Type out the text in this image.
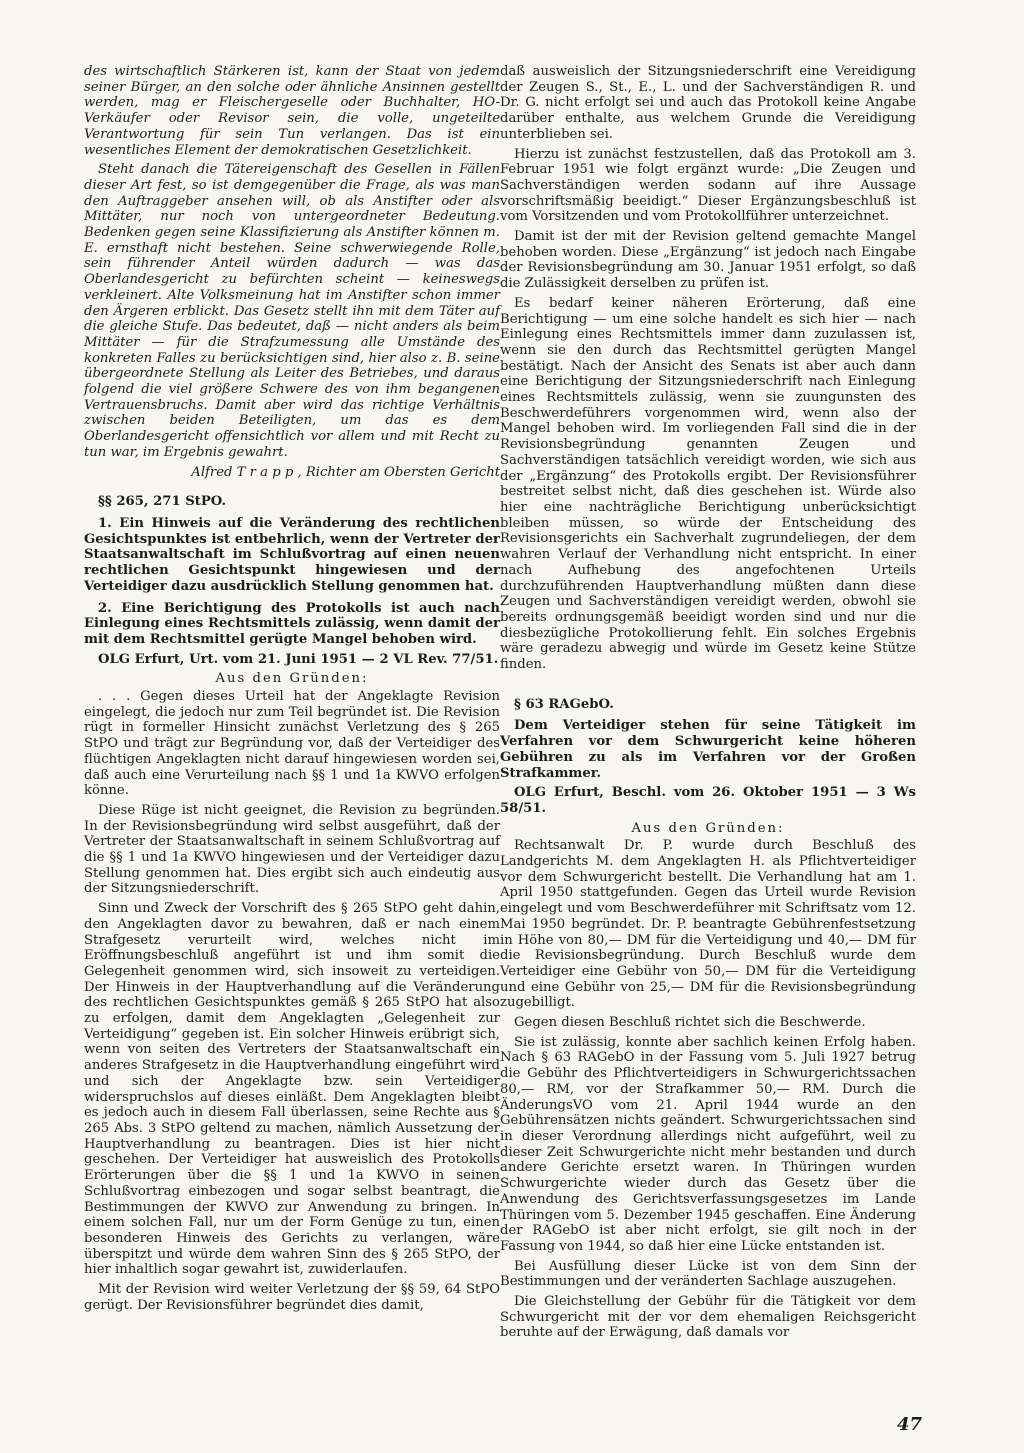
des wirtschaftlich Stärkeren ist, kann der Staat von jedem seiner Bürger, an den solche oder ähnliche Ansinnen gestellt werden, mag er Fleischergeselle oder Buchhalter, HO-Verkäufer oder Revisor sein, die volle, ungeteilte Verantwortung für sein Tun verlangen. Das ist ein wesentliches Element der demokratischen Gesetzlichkeit.

Steht danach die Tätereigenschaft des Gesellen in Fällen dieser Art fest, so ist demgegenüber die Frage, als was man den Auftraggeber ansehen will, ob als Anstifter oder als Mittäter, nur noch von untergeordneter Bedeutung. Bedenken gegen seine Klassifizierung als Anstifter können m. E. ernsthaft nicht bestehen. Seine schwerwiegende Rolle, sein führender Anteil würden dadurch — was das Oberlandesgericht zu befürchten scheint — keineswegs verkleinert. Alte Volksmeinung hat im Anstifter schon immer den Ärgeren erblickt. Das Gesetz stellt ihn mit dem Täter auf die gleiche Stufe. Das bedeutet, daß — nicht anders als beim Mittäter — für die Strafzumessung alle Umstände des konkreten Falles zu berücksichtigen sind, hier also z. B. seine übergeordnete Stellung als Leiter des Betriebes, und daraus folgend die viel größere Schwere des von ihm begangenen Vertrauensbruchs. Damit aber wird das richtige Verhältnis zwischen beiden Beteiligten, um das es dem Oberlandesgericht offensichtlich vor allem und mit Recht zu tun war, im Ergebnis gewahrt.

Alfred T r a p p , Richter am Obersten Gericht

§§ 265, 271 StPO.

1. Ein Hinweis auf die Veränderung des rechtlichen Gesichtspunktes ist entbehrlich, wenn der Vertreter der Staatsanwaltschaft im Schlußvortrag auf einen neuen rechtlichen Gesichtspunkt hingewiesen und der Verteidiger dazu ausdrücklich Stellung genommen hat.

2. Eine Berichtigung des Protokolls ist auch nach Einlegung eines Rechtsmittels zulässig, wenn damit der mit dem Rechtsmittel gerügte Mangel behoben wird.

OLG Erfurt, Urt. vom 21. Juni 1951 — 2 VL Rev. 77/51.

Aus den Gründen:

. . . Gegen dieses Urteil hat der Angeklagte Revision eingelegt, die jedoch nur zum Teil begründet ist. Die Revision rügt in formeller Hinsicht zunächst Verletzung des § 265 StPO und trägt zur Begründung vor, daß der Verteidiger des flüchtigen Angeklagten nicht darauf hingewiesen worden sei, daß auch eine Verurteilung nach §§ 1 und 1a KWVO erfolgen könne.

Diese Rüge ist nicht geeignet, die Revision zu begründen. In der Revisionsbegründung wird selbst ausgeführt, daß der Vertreter der Staatsanwaltschaft in seinem Schlußvortrag auf die §§ 1 und 1a KWVO hingewiesen und der Verteidiger dazu Stellung genommen hat. Dies ergibt sich auch eindeutig aus der Sitzungsniederschrift.

Sinn und Zweck der Vorschrift des § 265 StPO geht dahin, den Angeklagten davor zu bewahren, daß er nach einem Strafgesetz verurteilt wird, welches nicht im Eröffnungsbeschluß angeführt ist und ihm somit die Gelegenheit genommen wird, sich insoweit zu verteidigen. Der Hinweis in der Hauptverhandlung auf die Veränderung des rechtlichen Gesichtspunktes gemäß § 265 StPO hat also zu erfolgen, damit dem Angeklagten „Gelegenheit zur Verteidigung“ gegeben ist. Ein solcher Hinweis erübrigt sich, wenn von seiten des Vertreters der Staatsanwaltschaft ein anderes Strafgesetz in die Hauptverhandlung eingeführt wird und sich der Angeklagte bzw. sein Verteidiger widerspruchslos auf dieses einläßt. Dem Angeklagten bleibt es jedoch auch in diesem Fall überlassen, seine Rechte aus § 265 Abs. 3 StPO geltend zu machen, nämlich Aussetzung der Hauptverhandlung zu beantragen. Dies ist hier nicht geschehen. Der Verteidiger hat ausweislich des Protokolls Erörterungen über die §§ 1 und 1a KWVO in seinen Schlußvortrag einbezogen und sogar selbst beantragt, die Bestimmungen der KWVO zur Anwendung zu bringen. In einem solchen Fall, nur um der Form Genüge zu tun, einen besonderen Hinweis des Gerichts zu verlangen, wäre überspitzt und würde dem wahren Sinn des § 265 StPO, der hier inhaltlich sogar gewahrt ist, zuwiderlaufen.

Mit der Revision wird weiter Verletzung der §§ 59, 64 StPO gerügt. Der Revisionsführer begründet dies damit,

daß ausweislich der Sitzungsniederschrift eine Vereidigung der Zeugen S., St., E., L. und der Sachverständigen R. und Dr. G. nicht erfolgt sei und auch das Protokoll keine Angabe darüber enthalte, aus welchem Grunde die Vereidigung unterblieben sei.

Hierzu ist zunächst festzustellen, daß das Protokoll am 3. Februar 1951 wie folgt ergänzt wurde: „Die Zeugen und Sachverständigen werden sodann auf ihre Aussage vorschriftsmäßig beeidigt.“ Dieser Ergänzungsbeschluß ist vom Vorsitzenden und vom Protokollführer unterzeichnet.

Damit ist der mit der Revision geltend gemachte Mangel behoben worden. Diese „Ergänzung“ ist jedoch nach Eingabe der Revisionsbegründung am 30. Januar 1951 erfolgt, so daß die Zulässigkeit derselben zu prüfen ist.

Es bedarf keiner näheren Erörterung, daß eine Berichtigung — um eine solche handelt es sich hier — nach Einlegung eines Rechtsmittels immer dann zuzulassen ist, wenn sie den durch das Rechtsmittel gerügten Mangel bestätigt. Nach der Ansicht des Senats ist aber auch dann eine Berichtigung der Sitzungsniederschrift nach Einlegung eines Rechtsmittels zulässig, wenn sie zuungunsten des Beschwerdeführers vorgenommen wird, wenn also der Mangel behoben wird. Im vorliegenden Fall sind die in der Revisionsbegründung genannten Zeugen und Sachverständigen tatsächlich vereidigt worden, wie sich aus der „Ergänzung“ des Protokolls ergibt. Der Revisionsführer bestreitet selbst nicht, daß dies geschehen ist. Würde also hier eine nachträgliche Berichtigung unberücksichtigt bleiben müssen, so würde der Entscheidung des Revisionsgerichts ein Sachverhalt zugrundeliegen, der dem wahren Verlauf der Verhandlung nicht entspricht. In einer nach Aufhebung des angefochtenen Urteils durchzuführenden Hauptverhandlung müßten dann diese Zeugen und Sachverständigen vereidigt werden, obwohl sie bereits ordnungsgemäß beeidigt worden sind und nur die diesbezügliche Protokollierung fehlt. Ein solches Ergebnis wäre geradezu abwegig und würde im Gesetz keine Stütze finden.

§ 63 RAGebO.

Dem Verteidiger stehen für seine Tätigkeit im Verfahren vor dem Schwurgericht keine höheren Gebühren zu als im Verfahren vor der Großen Strafkammer.

OLG Erfurt, Beschl. vom 26. Oktober 1951 — 3 Ws 58/51.

Aus den Gründen:

Rechtsanwalt Dr. P. wurde durch Beschluß des Landgerichts M. dem Angeklagten H. als Pflichtverteidiger vor dem Schwurgericht bestellt. Die Verhandlung hat am 1. April 1950 stattgefunden. Gegen das Urteil wurde Revision eingelegt und vom Beschwerdeführer mit Schriftsatz vom 12. Mai 1950 begründet. Dr. P. beantragte Gebührenfestsetzung in Höhe von 80,— DM für die Verteidigung und 40,— DM für die Revisionsbegründung. Durch Beschluß wurde dem Verteidiger eine Gebühr von 50,— DM für die Verteidigung und eine Gebühr von 25,— DM für die Revisionsbegründung zugebilligt.

Gegen diesen Beschluß richtet sich die Beschwerde.

Sie ist zulässig, konnte aber sachlich keinen Erfolg haben. Nach § 63 RAGebO in der Fassung vom 5. Juli 1927 betrug die Gebühr des Pflichtverteidigers in Schwurgerichtssachen 80,— RM, vor der Strafkammer 50,— RM. Durch die ÄnderungsVO vom 21. April 1944 wurde an den Gebührensätzen nichts geändert. Schwurgerichtssachen sind in dieser Verordnung allerdings nicht aufgeführt, weil zu dieser Zeit Schwurgerichte nicht mehr bestanden und durch andere Gerichte ersetzt waren. In Thüringen wurden Schwurgerichte wieder durch das Gesetz über die Anwendung des Gerichtsverfassungsgesetzes im Lande Thüringen vom 5. Dezember 1945 geschaffen. Eine Änderung der RAGebO ist aber nicht erfolgt, sie gilt noch in der Fassung von 1944, so daß hier eine Lücke entstanden ist.

Bei Ausfüllung dieser Lücke ist von dem Sinn der Bestimmungen und der veränderten Sachlage auszugehen.

Die Gleichstellung der Gebühr für die Tätigkeit vor dem Schwurgericht mit der vor dem ehemaligen Reichsgericht beruhte auf der Erwägung, daß damals vor

47
